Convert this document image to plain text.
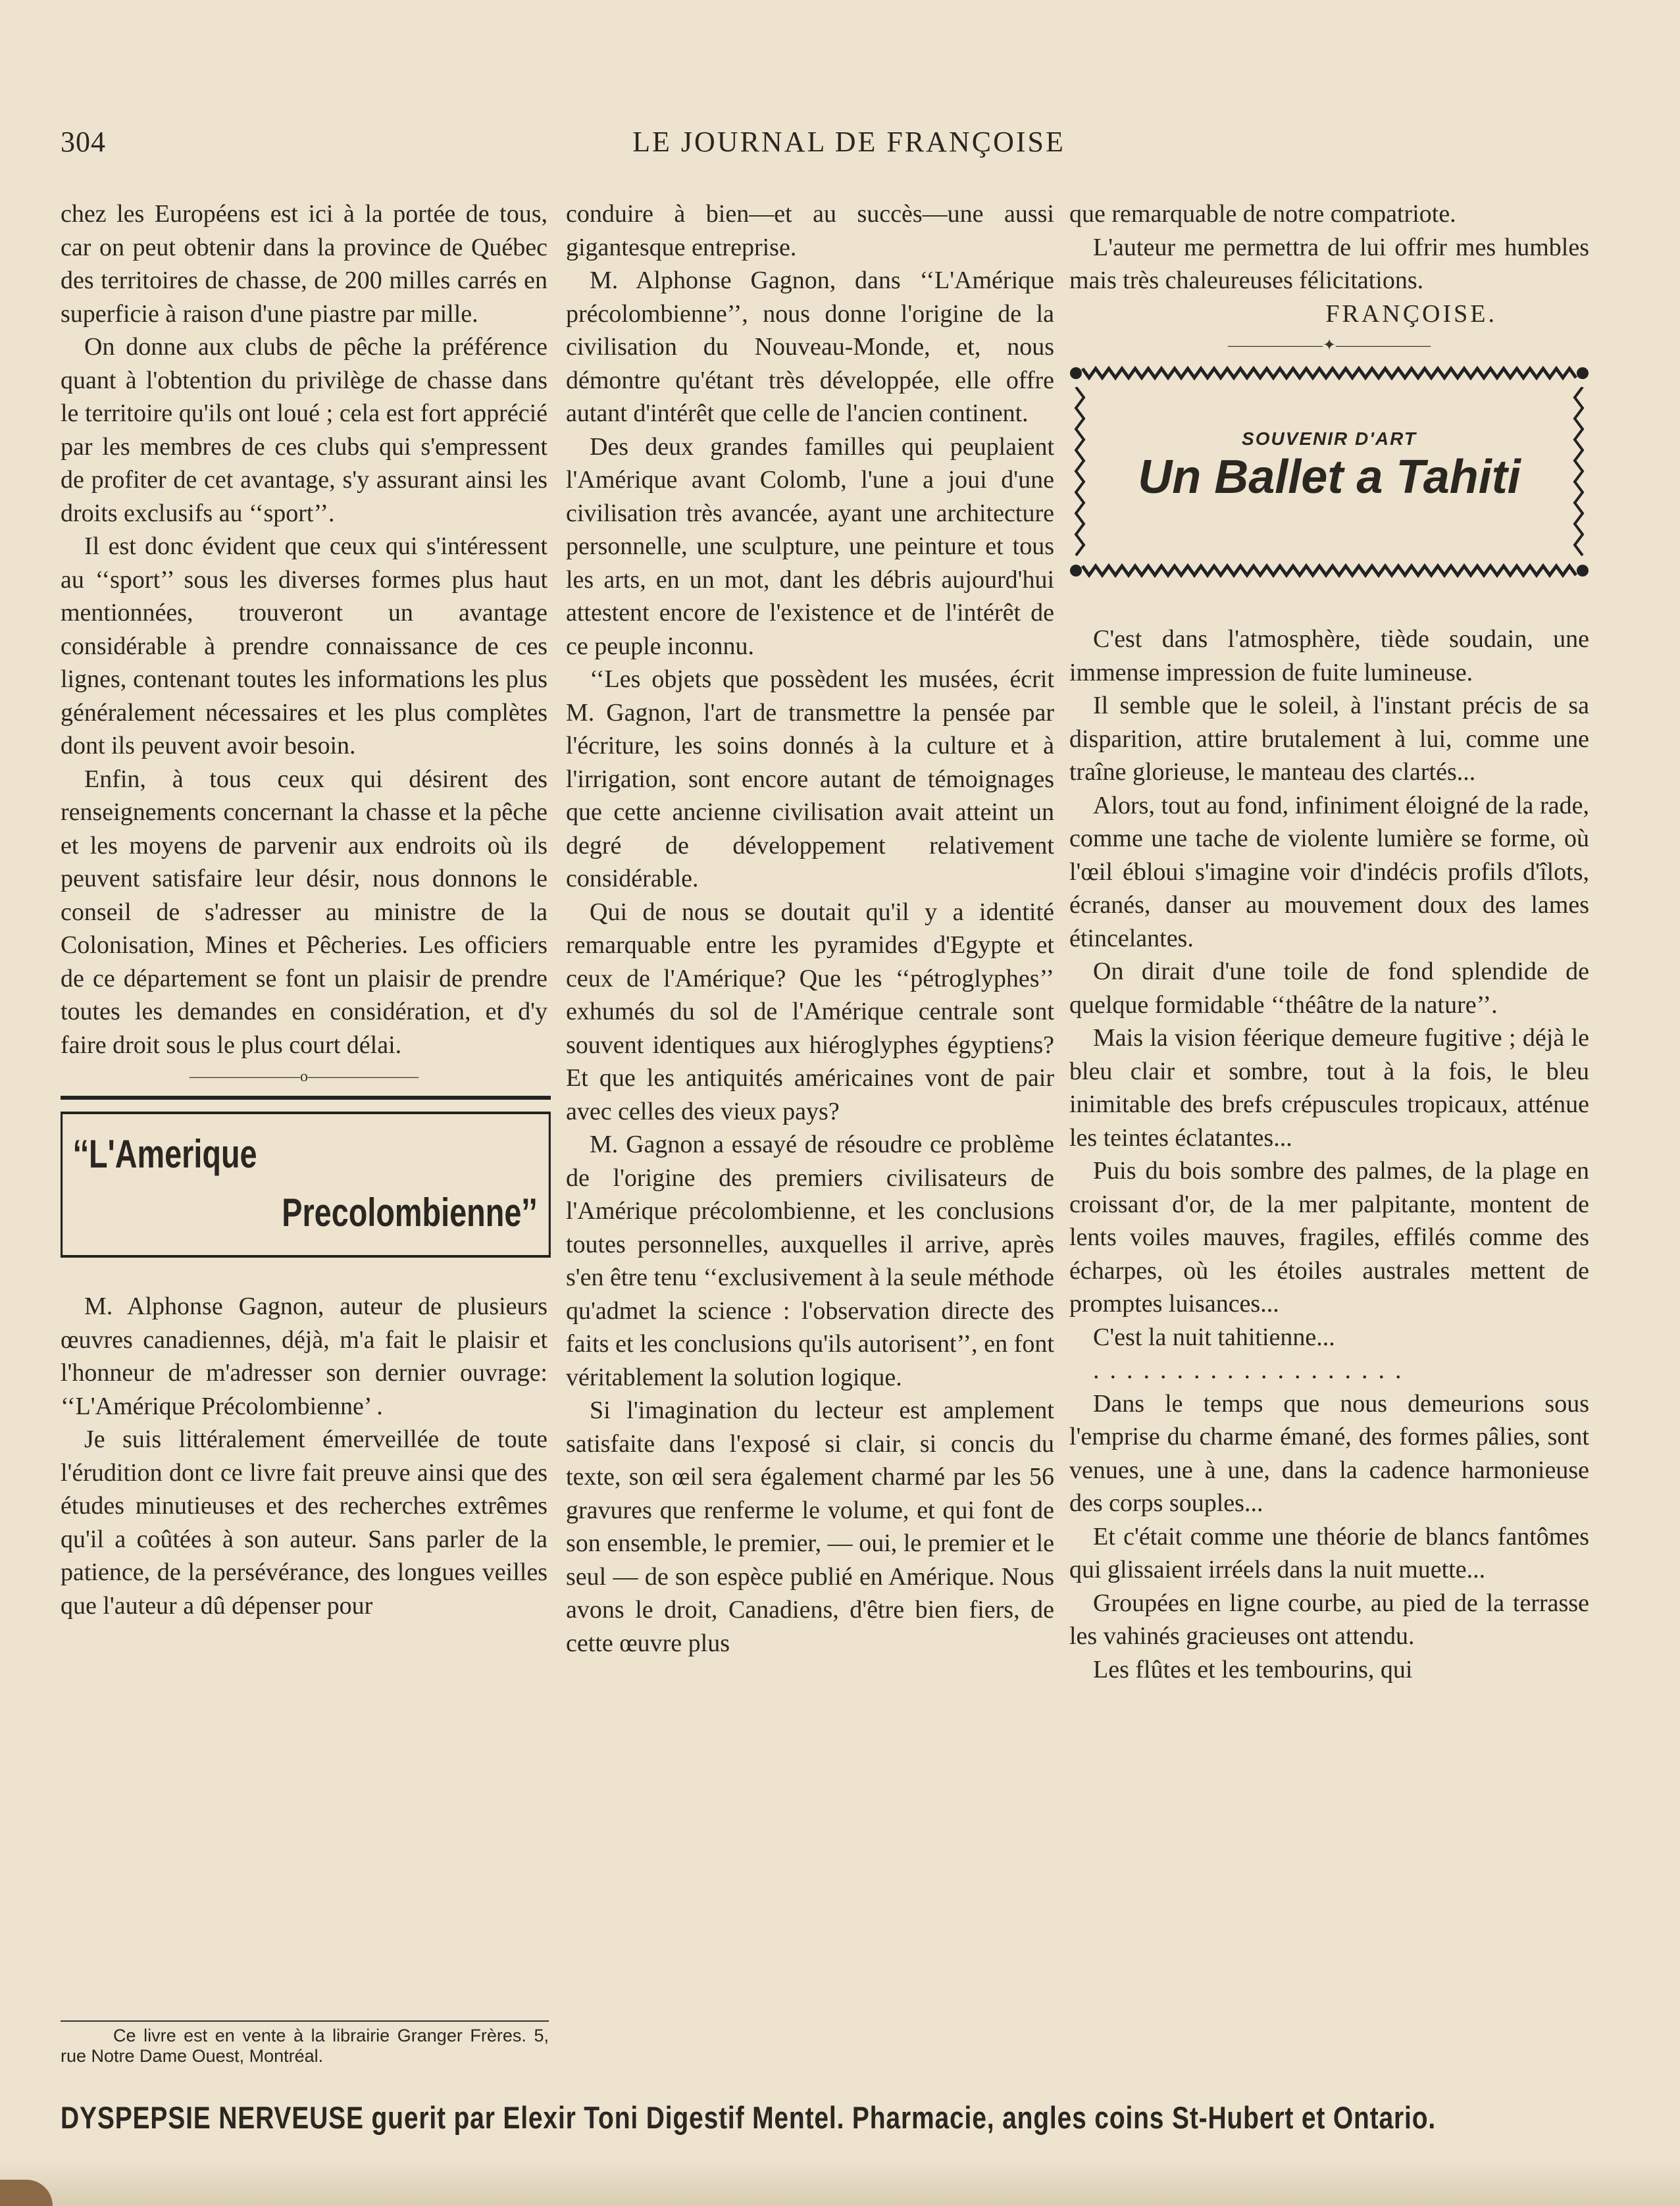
304	LE JOURNAL DE FRANÇOISE

chez les Européens est ici à la portée de tous, car on peut obtenir dans la province de Québec des territoires de chasse, de 200 milles carrés en superficie à raison d'une piastre par mille.

On donne aux clubs de pêche la préférence quant à l'obtention du privilège de chasse dans le territoire qu'ils ont loué ; cela est fort apprécié par les membres de ces clubs qui s'empressent de profiter de cet avantage, s'y assurant ainsi les droits exclusifs au ‘‘sport’’.

Il est donc évident que ceux qui s'intéressent au ‘‘sport’’ sous les diverses formes plus haut mentionnées, trouveront un avantage considérable à prendre connaissance de ces lignes, contenant toutes les informations les plus généralement nécessaires et les plus complètes dont ils peuvent avoir besoin.

Enfin, à tous ceux qui désirent des renseignements concernant la chasse et la pêche et les moyens de parvenir aux endroits où ils peuvent satisfaire leur désir, nous donnons le conseil de s'adresser au ministre de la Colonisation, Mines et Pêcheries. Les officiers de ce département se font un plaisir de prendre toutes les demandes en considération, et d'y faire droit sous le plus court délai.

———————o———————
‘‘L'Amerique
Precolombienne’’

M. Alphonse Gagnon, auteur de plusieurs œuvres canadiennes, déjà, m'a fait le plaisir et l'honneur de m'adresser son dernier ouvrage: ‘‘L'Amérique Précolombienne’ .

Je suis littéralement émerveillée de toute l'érudition dont ce livre fait preuve ainsi que des études minutieuses et des recherches extrêmes qu'il a coûtées à son auteur. Sans parler de la patience, de la persévérance, des longues veilles que l'auteur a dû dépenser pour

conduire à bien—et au succès—une aussi gigantesque entreprise.

M. Alphonse Gagnon, dans ‘‘L'Amérique précolombienne’’, nous donne l'origine de la civilisation du Nouveau-Monde, et, nous démontre qu'étant très développée, elle offre autant d'intérêt que celle de l'ancien continent.

Des deux grandes familles qui peuplaient l'Amérique avant Colomb, l'une a joui d'une civilisation très avancée, ayant une architecture personnelle, une sculpture, une peinture et tous les arts, en un mot, dant les débris aujourd'hui attestent encore de l'existence et de l'intérêt de ce peuple inconnu.

‘‘Les objets que possèdent les musées, écrit M. Gagnon, l'art de transmettre la pensée par l'écriture, les soins donnés à la culture et à l'irrigation, sont encore autant de témoignages que cette ancienne civilisation avait atteint un degré de développement relativement considérable.

Qui de nous se doutait qu'il y a identité remarquable entre les pyramides d'Egypte et ceux de l'Amérique? Que les ‘‘pétroglyphes’’ exhumés du sol de l'Amérique centrale sont souvent identiques aux hiéroglyphes égyptiens? Et que les antiquités américaines vont de pair avec celles des vieux pays?

M. Gagnon a essayé de résoudre ce problème de l'origine des premiers civilisateurs de l'Amérique précolombienne, et les conclusions toutes personnelles, auxquelles il arrive, après s'en être tenu ‘‘exclusivement à la seule méthode qu'admet la science : l'observation directe des faits et les conclusions qu'ils autorisent’’, en font véritablement la solution logique.

Si l'imagination du lecteur est amplement satisfaite dans l'exposé si clair, si concis du texte, son œil sera également charmé par les 56 gravures que renferme le volume, et qui font de son ensemble, le premier, — oui, le premier et le seul — de son espèce publié en Amérique. Nous avons le droit, Canadiens, d'être bien fiers, de cette œuvre plus

que remarquable de notre compatriote.

L'auteur me permettra de lui offrir mes humbles mais très chaleureuses félicitations.

FRANÇOISE.

——————✦——————
SOUVENIR D'ART
Un Ballet a Tahiti

C'est dans l'atmosphère, tiède soudain, une immense impression de fuite lumineuse.

Il semble que le soleil, à l'instant précis de sa disparition, attire brutalement à lui, comme une traîne glorieuse, le manteau des clartés...

Alors, tout au fond, infiniment éloigné de la rade, comme une tache de violente lumière se forme, où l'œil ébloui s'imagine voir d'indécis profils d'îlots, écranés, danser au mouvement doux des lames étincelantes.

On dirait d'une toile de fond splendide de quelque formidable ‘‘théâtre de la nature’’.

Mais la vision féerique demeure fugitive ; déjà le bleu clair et sombre, tout à la fois, le bleu inimitable des brefs crépuscules tropicaux, atténue les teintes éclatantes...

Puis du bois sombre des palmes, de la plage en croissant d'or, de la mer palpitante, montent de lents voiles mauves, fragiles, effilés comme des écharpes, où les étoiles australes mettent de promptes luisances...

C'est la nuit tahitienne...

...................

Dans le temps que nous demeurions sous l'emprise du charme émané, des formes pâlies, sont venues, une à une, dans la cadence harmonieuse des corps souples...

Et c'était comme une théorie de blancs fantômes qui glissaient irréels dans la nuit muette...

Groupées en ligne courbe, au pied de la terrasse les vahinés gracieuses ont attendu.

Les flûtes et les tembourins, qui

Ce livre est en vente à la librairie Granger Frères. 5, rue Notre Dame Ouest, Montréal.
DYSPEPSIE NERVEUSE guerit par Elexir Toni Digestif Mentel. Pharmacie, angles coins St-Hubert et Ontario.
